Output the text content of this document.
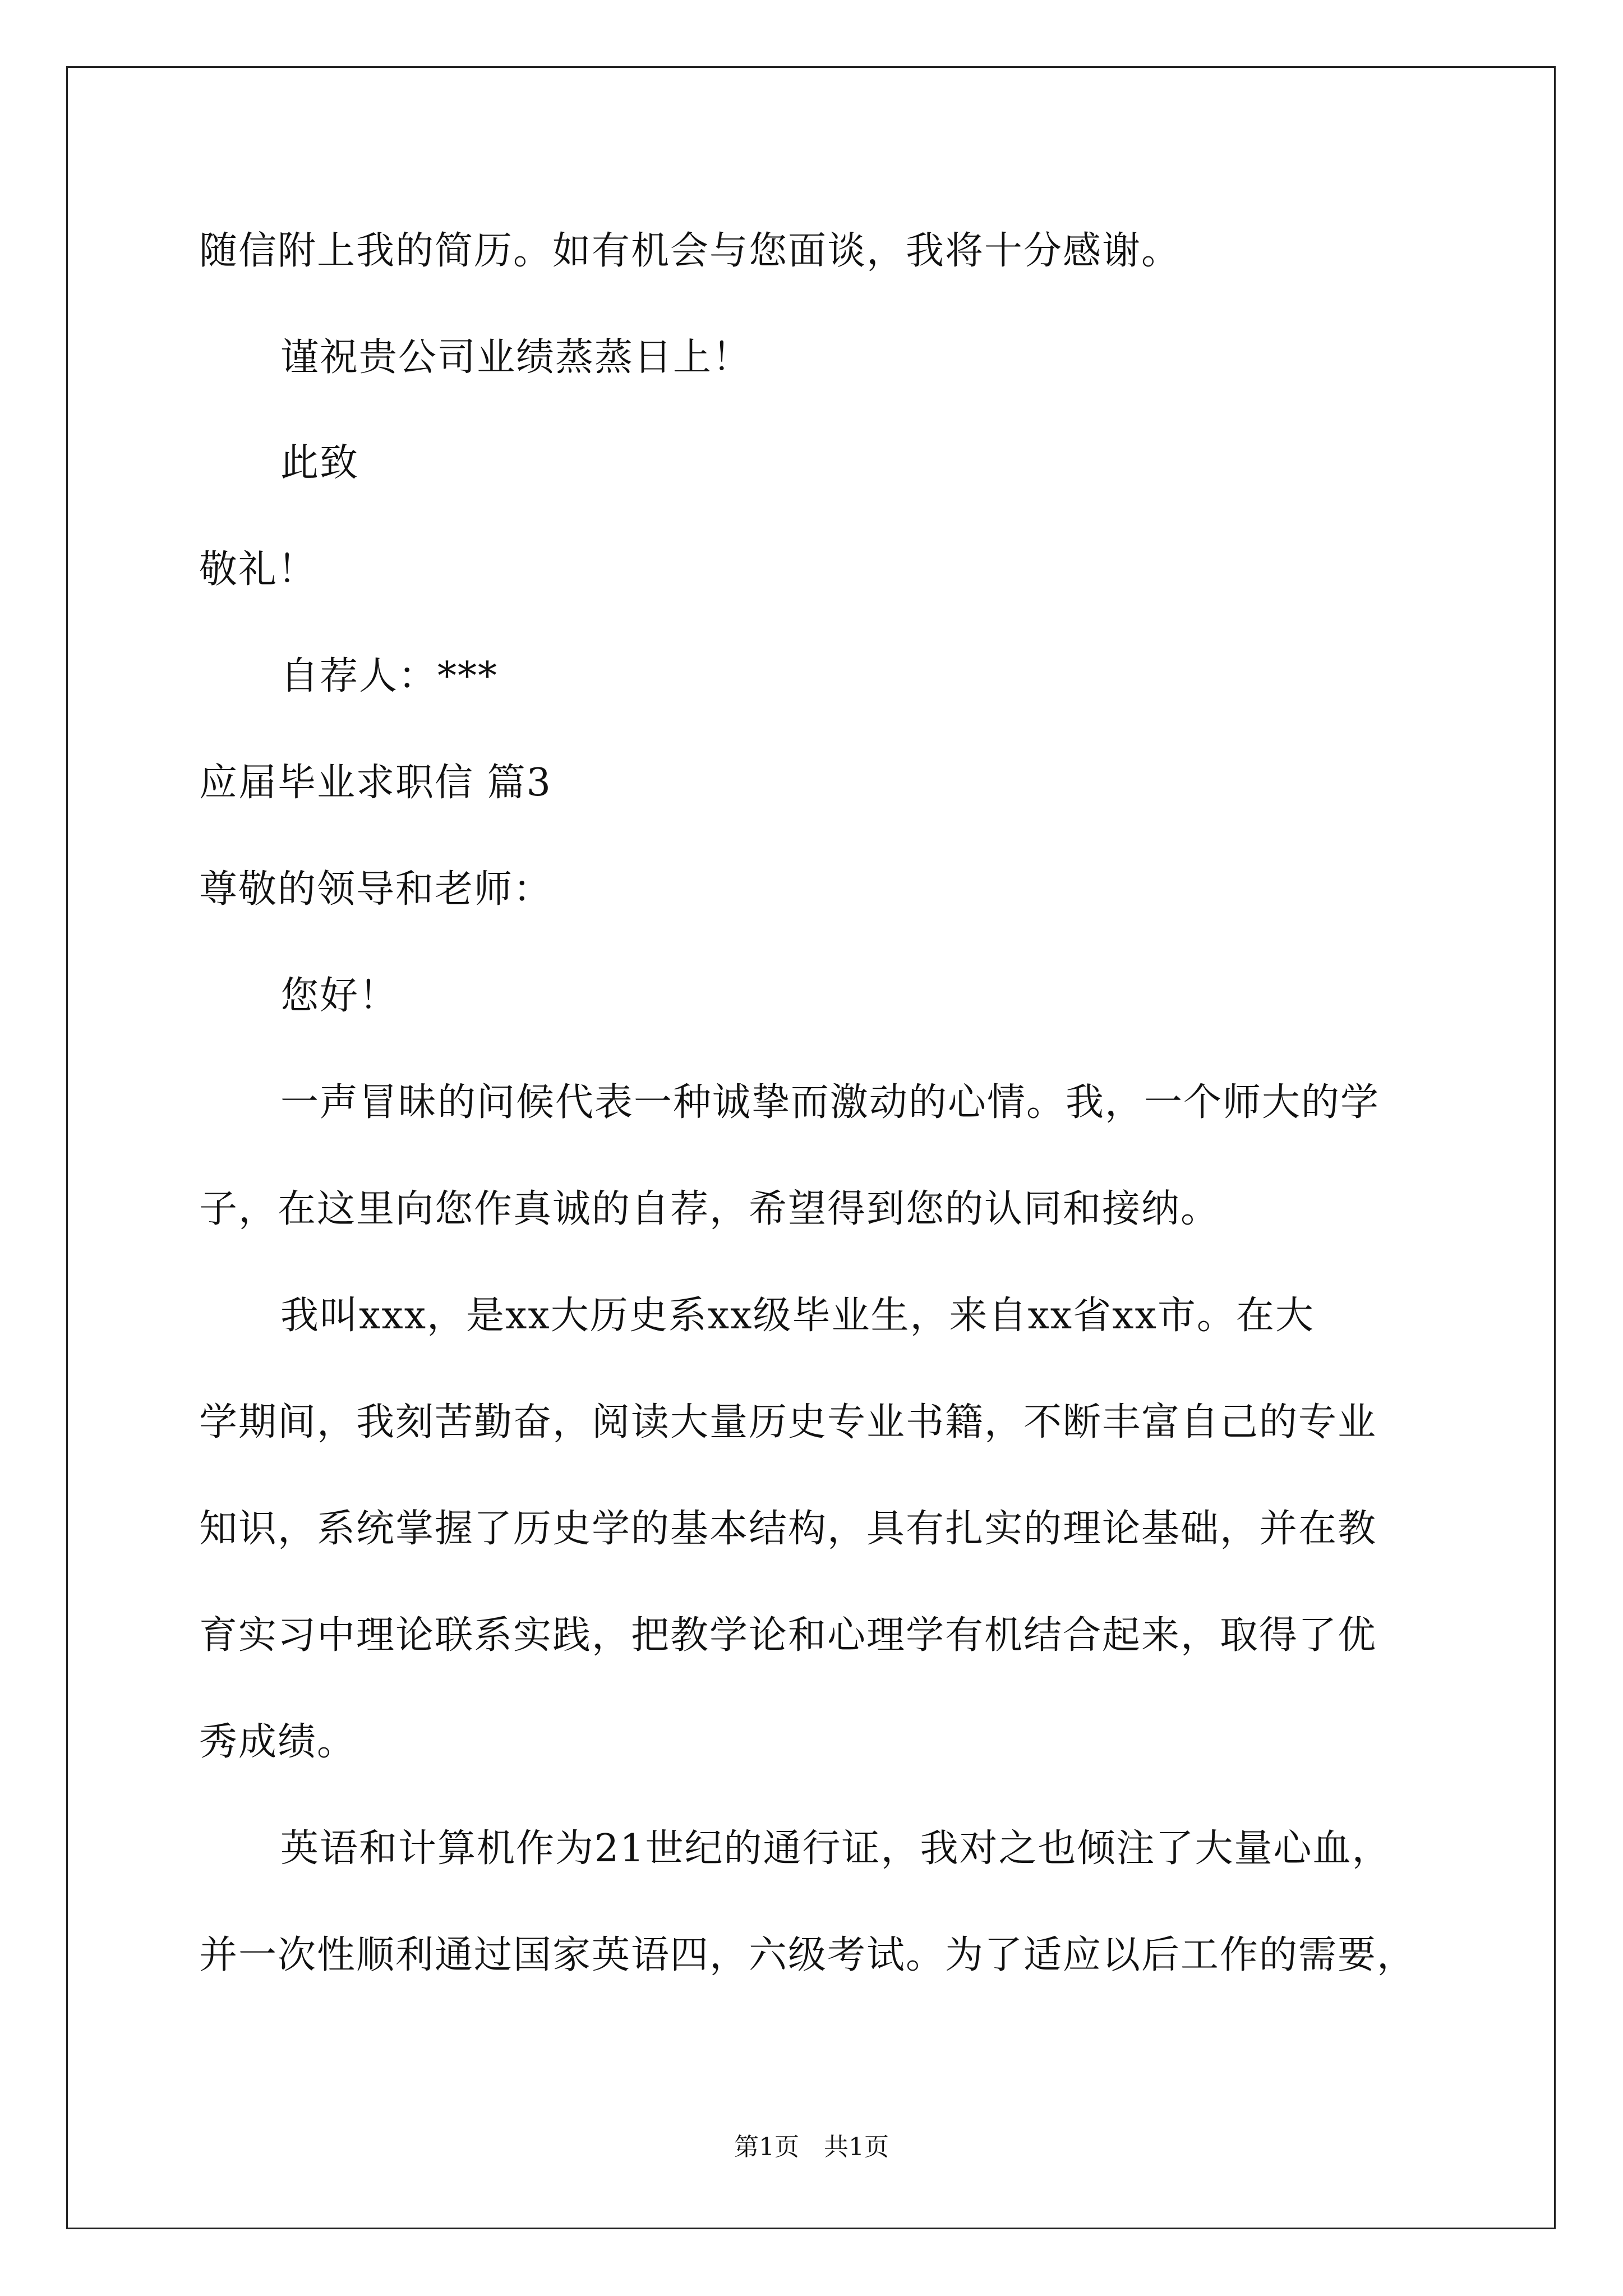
随信附上我的简历。如有机会与您面谈，我将十分感谢。
谨祝贵公司业绩蒸蒸日上！
此致
敬礼！
自荐人：***
应届毕业求职信 篇3
尊敬的领导和老师：
您好！
一声冒昧的问候代表一种诚挚而激动的心情。我，一个师大的学
子，在这里向您作真诚的自荐，希望得到您的认同和接纳。
我叫xxx，是xx大历史系xx级毕业生，来自xx省xx市。在大
学期间，我刻苦勤奋，阅读大量历史专业书籍，不断丰富自己的专业
知识，系统掌握了历史学的基本结构，具有扎实的理论基础，并在教
育实习中理论联系实践，把教学论和心理学有机结合起来，取得了优
秀成绩。
英语和计算机作为21世纪的通行证，我对之也倾注了大量心血，
并一次性顺利通过国家英语四，六级考试。为了适应以后工作的需要，
第1页　共1页
